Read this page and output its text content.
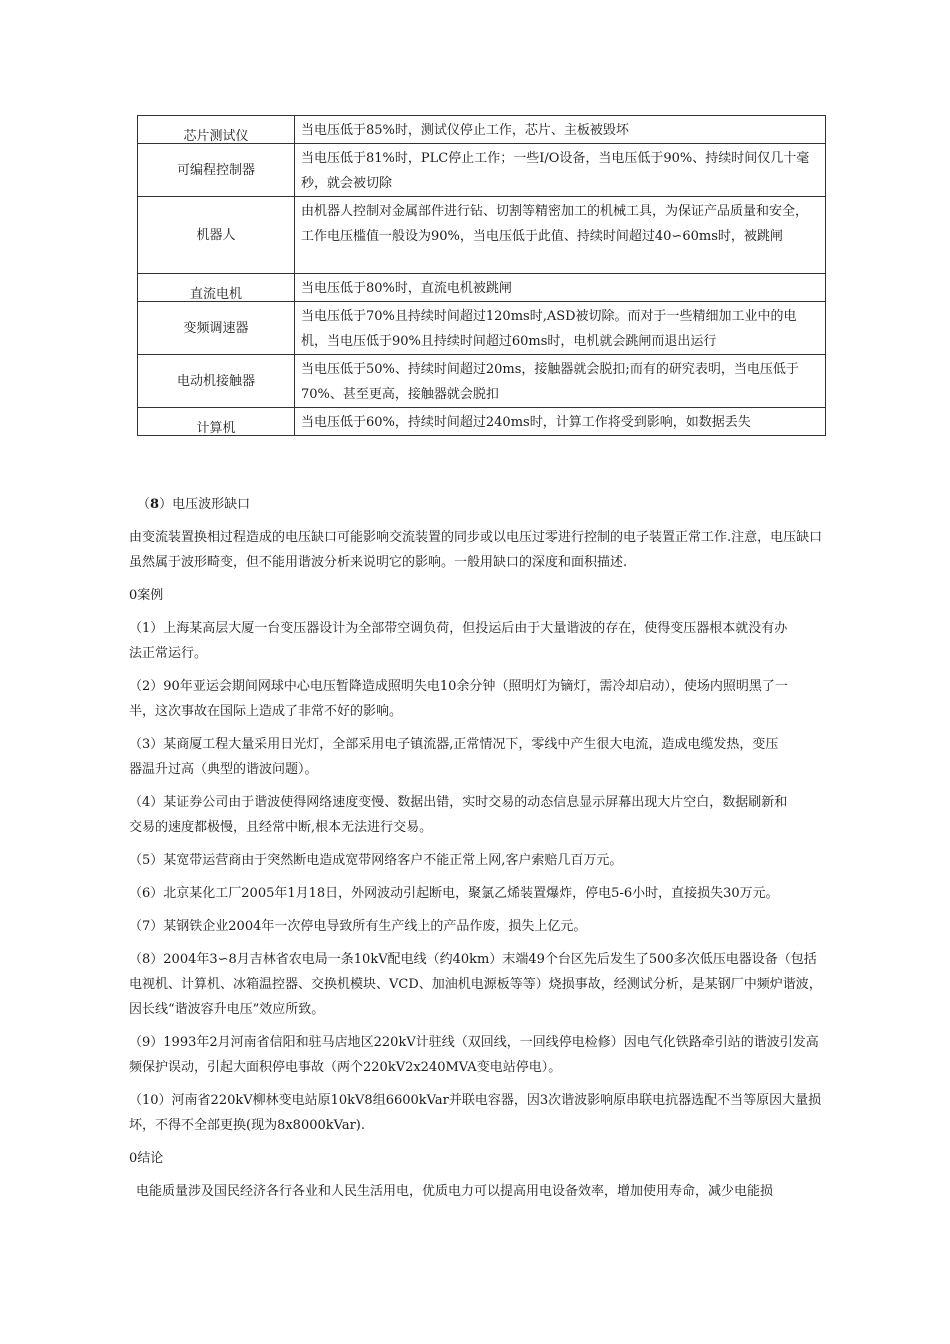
芯片测试仪	当电压低于85%时，测试仪停止工作，芯片、主板被毁坏
可编程控制器	当电压低于81%时，PLC停止工作；一些I/O设备，当电压低于90%、持续时间仅几十毫秒，就会被切除
机器人	由机器人控制对金属部件进行钻、切割等精密加工的机械工具，为保证产品质量和安全，工作电压槛值一般设为90%，当电压低于此值、持续时间超过40∽60ms时，被跳闸
直流电机	当电压低于80%时，直流电机被跳闸
变频调速器	当电压低于70%且持续时间超过120ms时,ASD被切除。而对于一些精细加工业中的电机，当电压低于90%且持续时间超过60ms时，电机就会跳闸而退出运行
电动机接触器	当电压低于50%、持续时间超过20ms，接触器就会脱扣;而有的研究表明，当电压低于70%、甚至更高，接触器就会脱扣
计算机	当电压低于60%，持续时间超过240ms时，计算工作将受到影响，如数据丢失

（8）电压波形缺口

由变流装置换相过程造成的电压缺口可能影响交流装置的同步或以电压过零进行控制的电子装置正常工作.注意，电压缺口虽然属于波形畸变，但不能用谐波分析来说明它的影响。一般用缺口的深度和面积描述.

0案例

（1）上海某高层大厦一台变压器设计为全部带空调负荷，但投运后由于大量谐波的存在，使得变压器根本就没有办法正常运行。

（2）90年亚运会期间网球中心电压暂降造成照明失电10余分钟（照明灯为镝灯，需冷却启动），使场内照明黑了一半，这次事故在国际上造成了非常不好的影响。

（3）某商厦工程大量采用日光灯，全部采用电子镇流器,正常情况下，零线中产生很大电流，造成电缆发热，变压器温升过高（典型的谐波问题）。

（4）某证券公司由于谐波使得网络速度变慢、数据出错，实时交易的动态信息显示屏幕出现大片空白，数据刷新和交易的速度都极慢，且经常中断,根本无法进行交易。

（5）某宽带运营商由于突然断电造成宽带网络客户不能正常上网,客户索赔几百万元。

（6）北京某化工厂2005年1月18日，外网波动引起断电，聚氯乙烯装置爆炸，停电5-6小时，直接损失30万元。

（7）某钢铁企业2004年一次停电导致所有生产线上的产品作废，损失上亿元。

（8）2004年3∽8月吉林省农电局一条10kV配电线（约40km）末端49个台区先后发生了500多次低压电器设备（包括电视机、计算机、冰箱温控器、交换机模块、VCD、加油机电源板等等）烧损事故，经测试分析，是某钢厂中频炉谐波，因长线“谐波容升电压”效应所致。

（9）1993年2月河南省信阳和驻马店地区220kV计驻线（双回线，一回线停电检修）因电气化铁路牵引站的谐波引发高频保护误动，引起大面积停电事故（两个220kV2x240MVA变电站停电）。

（10）河南省220kV柳林变电站原10kV8组6600kVar并联电容器，因3次谐波影响原串联电抗器选配不当等原因大量损坏，不得不全部更换(现为8x8000kVar).

0结论

电能质量涉及国民经济各行各业和人民生活用电，优质电力可以提高用电设备效率，增加使用寿命，减少电能损
